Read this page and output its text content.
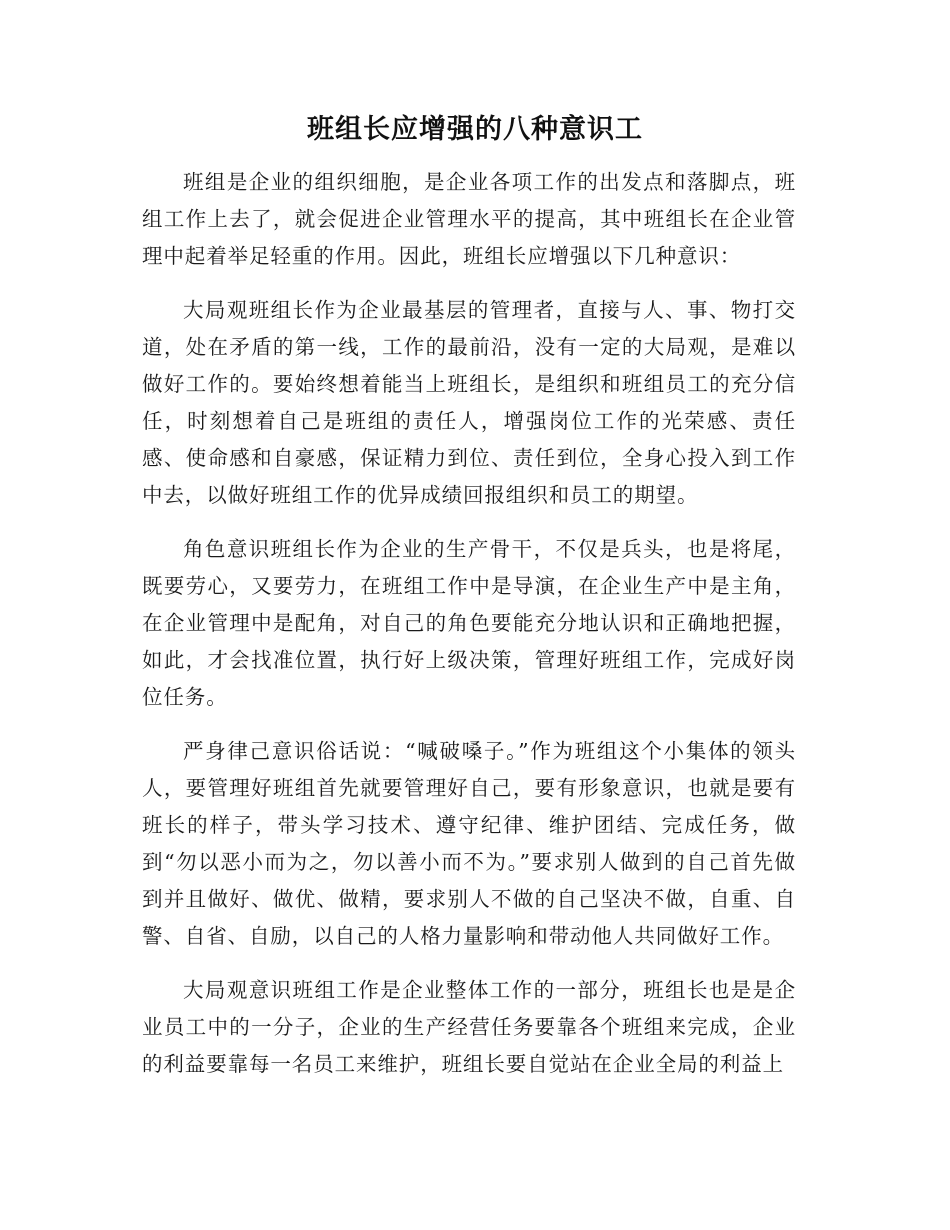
班组长应增强的八种意识工

班组是企业的组织细胞，是企业各项工作的出发点和落脚点，班组工作上去了，就会促进企业管理水平的提高，其中班组长在企业管理中起着举足轻重的作用。因此，班组长应增强以下几种意识：

大局观班组长作为企业最基层的管理者，直接与人、事、物打交道，处在矛盾的第一线，工作的最前沿，没有一定的大局观，是难以做好工作的。要始终想着能当上班组长，是组织和班组员工的充分信任，时刻想着自己是班组的责任人，增强岗位工作的光荣感、责任感、使命感和自豪感，保证精力到位、责任到位，全身心投入到工作中去，以做好班组工作的优异成绩回报组织和员工的期望。

角色意识班组长作为企业的生产骨干，不仅是兵头，也是将尾，既要劳心，又要劳力，在班组工作中是导演，在企业生产中是主角，在企业管理中是配角，对自己的角色要能充分地认识和正确地把握，如此，才会找准位置，执行好上级决策，管理好班组工作，完成好岗位任务。

严身律己意识俗话说：“喊破嗓子。”作为班组这个小集体的领头人，要管理好班组首先就要管理好自己，要有形象意识，也就是要有班长的样子，带头学习技术、遵守纪律、维护团结、完成任务，做到“勿以恶小而为之，勿以善小而不为。”要求别人做到的自己首先做到并且做好、做优、做精，要求别人不做的自己坚决不做，自重、自警、自省、自励，以自己的人格力量影响和带动他人共同做好工作。

大局观意识班组工作是企业整体工作的一部分，班组长也是是企业员工中的一分子，企业的生产经营任务要靠各个班组来完成，企业的利益要靠每一名员工来维护，班组长要自觉站在企业全局的利益上
